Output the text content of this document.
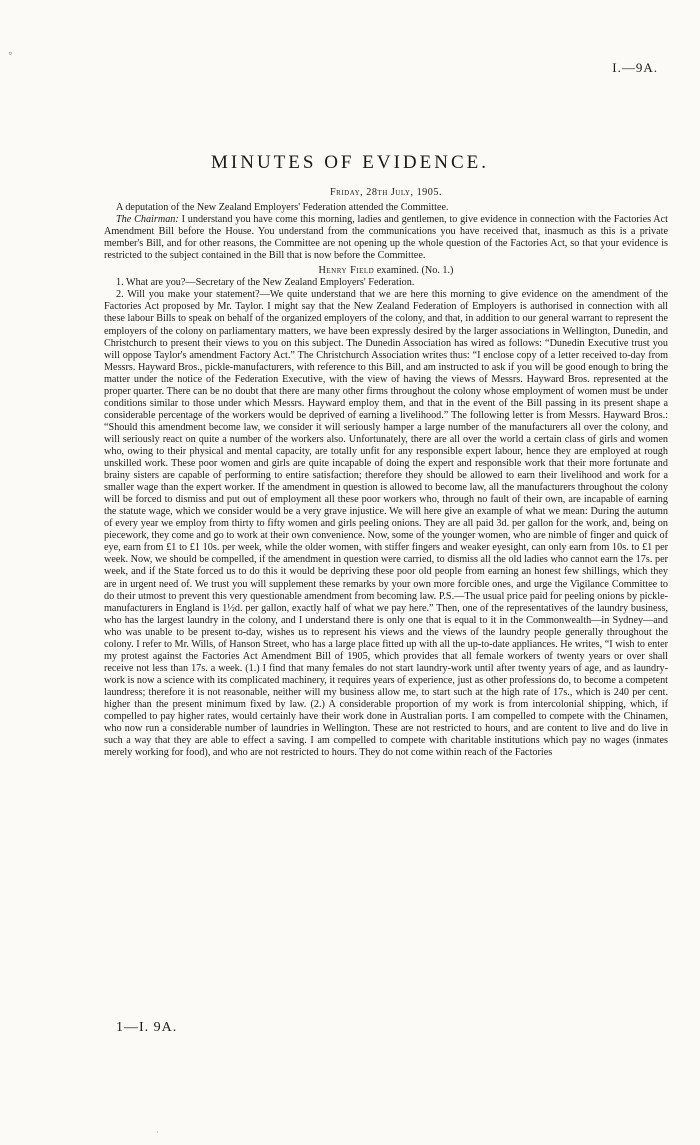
I.—9A.
MINUTES OF EVIDENCE.

Friday, 28th July, 1905.

A deputation of the New Zealand Employers' Federation attended the Committee.

The Chairman: I understand you have come this morning, ladies and gentlemen, to give evidence in connection with the Factories Act Amendment Bill before the House. You understand from the communications you have received that, inasmuch as this is a private member's Bill, and for other reasons, the Committee are not opening up the whole question of the Factories Act, so that your evidence is restricted to the subject contained in the Bill that is now before the Committee.

Henry Field examined. (No. 1.)

1. What are you?—Secretary of the New Zealand Employers' Federation.

2. Will you make your statement?—We quite understand that we are here this morning to give evidence on the amendment of the Factories Act proposed by Mr. Taylor. I might say that the New Zealand Federation of Employers is authorised in connection with all these labour Bills to speak on behalf of the organized employers of the colony, and that, in addition to our general warrant to represent the employers of the colony on parliamentary matters, we have been expressly desired by the larger associations in Wellington, Dunedin, and Christchurch to present their views to you on this subject. The Dunedin Association has wired as follows: “Dunedin Executive trust you will oppose Taylor's amendment Factory Act.” The Christchurch Association writes thus: “I enclose copy of a letter received to-day from Messrs. Hayward Bros., pickle-manufacturers, with reference to this Bill, and am instructed to ask if you will be good enough to bring the matter under the notice of the Federation Executive, with the view of having the views of Messrs. Hayward Bros. represented at the proper quarter. There can be no doubt that there are many other firms throughout the colony whose employment of women must be under conditions similar to those under which Messrs. Hayward employ them, and that in the event of the Bill passing in its present shape a considerable percentage of the workers would be deprived of earning a livelihood.” The following letter is from Messrs. Hayward Bros.: “Should this amendment become law, we consider it will seriously hamper a large number of the manufacturers all over the colony, and will seriously react on quite a number of the workers also. Unfortunately, there are all over the world a certain class of girls and women who, owing to their physical and mental capacity, are totally unfit for any responsible expert labour, hence they are employed at rough unskilled work. These poor women and girls are quite incapable of doing the expert and responsible work that their more fortunate and brainy sisters are capable of performing to entire satisfaction; therefore they should be allowed to earn their livelihood and work for a smaller wage than the expert worker. If the amendment in question is allowed to become law, all the manufacturers throughout the colony will be forced to dismiss and put out of employment all these poor workers who, through no fault of their own, are incapable of earning the statute wage, which we consider would be a very grave injustice. We will here give an example of what we mean: During the autumn of every year we employ from thirty to fifty women and girls peeling onions. They are all paid 3d. per gallon for the work, and, being on piecework, they come and go to work at their own convenience. Now, some of the younger women, who are nimble of finger and quick of eye, earn from £1 to £1 10s. per week, while the older women, with stiffer fingers and weaker eyesight, can only earn from 10s. to £1 per week. Now, we should be compelled, if the amendment in question were carried, to dismiss all the old ladies who cannot earn the 17s. per week, and if the State forced us to do this it would be depriving these poor old people from earning an honest few shillings, which they are in urgent need of. We trust you will supplement these remarks by your own more forcible ones, and urge the Vigilance Committee to do their utmost to prevent this very questionable amendment from becoming law. P.S.—The usual price paid for peeling onions by pickle-manufacturers in England is 1½d. per gallon, exactly half of what we pay here.” Then, one of the representatives of the laundry business, who has the largest laundry in the colony, and I understand there is only one that is equal to it in the Commonwealth—in Sydney—and who was unable to be present to-day, wishes us to represent his views and the views of the laundry people generally throughout the colony. I refer to Mr. Wills, of Hanson Street, who has a large place fitted up with all the up-to-date appliances. He writes, “I wish to enter my protest against the Factories Act Amendment Bill of 1905, which provides that all female workers of twenty years or over shall receive not less than 17s. a week. (1.) I find that many females do not start laundry-work until after twenty years of age, and as laundry-work is now a science with its complicated machinery, it requires years of experience, just as other professions do, to become a competent laundress; therefore it is not reasonable, neither will my business allow me, to start such at the high rate of 17s., which is 240 per cent. higher than the present minimum fixed by law. (2.) A considerable proportion of my work is from intercolonial shipping, which, if compelled to pay higher rates, would certainly have their work done in Australian ports. I am compelled to compete with the Chinamen, who now run a considerable number of laundries in Wellington. These are not restricted to hours, and are content to live and do live in such a way that they are able to effect a saving. I am compelled to compete with charitable institutions which pay no wages (inmates merely working for food), and who are not restricted to hours. They do not come within reach of the Factories

1—I. 9A.
⸰
·
